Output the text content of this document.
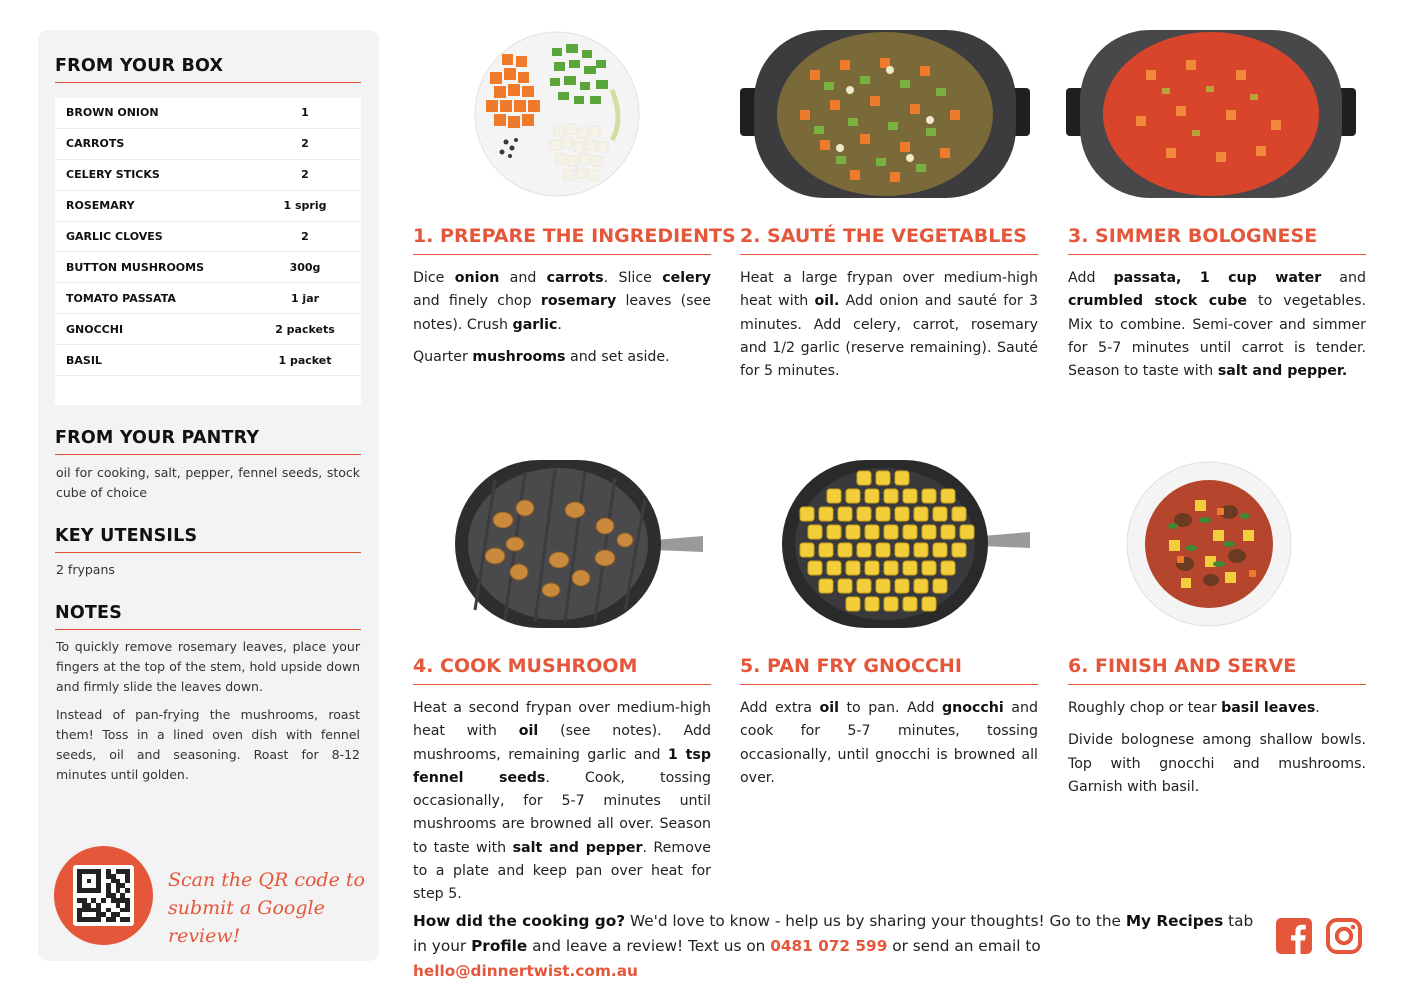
FROM YOUR BOX
BROWN ONION	1
CARROTS	2
CELERY STICKS	2
ROSEMARY	1 sprig
GARLIC CLOVES	2
BUTTON MUSHROOMS	300g
TOMATO PASSATA	1 jar
GNOCCHI	2 packets
BASIL	1 packet
FROM YOUR PANTRY
oil for cooking, salt, pepper, fennel seeds, stock cube of choice
KEY UTENSILS
2 frypans
NOTES

To quickly remove rosemary leaves, place your fingers at the top of the stem, hold upside down and firmly slide the leaves down.

Instead of pan-frying the mushrooms, roast them! Toss in a lined oven dish with fennel seeds, oil and seasoning. Roast for 8-12 minutes until golden.

Scan the QR code to submit a Google review!
1. PREPARE THE INGREDIENTS

Dice onion and carrots. Slice celery and finely chop rosemary leaves (see notes). Crush garlic.

Quarter mushrooms and set aside.

2. SAUTÉ THE VEGETABLES

Heat a large frypan over medium-high heat with oil. Add onion and sauté for 3 minutes. Add celery, carrot, rosemary and 1/2 garlic (reserve remaining). Sauté for 5 minutes.

3. SIMMER BOLOGNESE

Add passata, 1 cup water and crumbled stock cube to vegetables. Mix to combine. Semi-cover and simmer for 5-7 minutes until carrot is tender. Season to taste with salt and pepper.

4. COOK MUSHROOM

Heat a second frypan over medium-high heat with oil (see notes). Add mushrooms, remaining garlic and 1 tsp fennel seeds. Cook, tossing occasionally, for 5-7 minutes until mushrooms are browned all over. Season to taste with salt and pepper. Remove to a plate and keep pan over heat for step 5.

5. PAN FRY GNOCCHI

Add extra oil to pan. Add gnocchi and cook for 5-7 minutes, tossing occasionally, until gnocchi is browned all over.

6. FINISH AND SERVE

Roughly chop or tear basil leaves.

Divide bolognese among shallow bowls. Top with gnocchi and mushrooms. Garnish with basil.

How did the cooking go? We'd love to know - help us by sharing your thoughts! Go to the My Recipes tab in your Profile and leave a review! Text us on 0481 072 599 or send an email to hello@dinnertwist.com.au
